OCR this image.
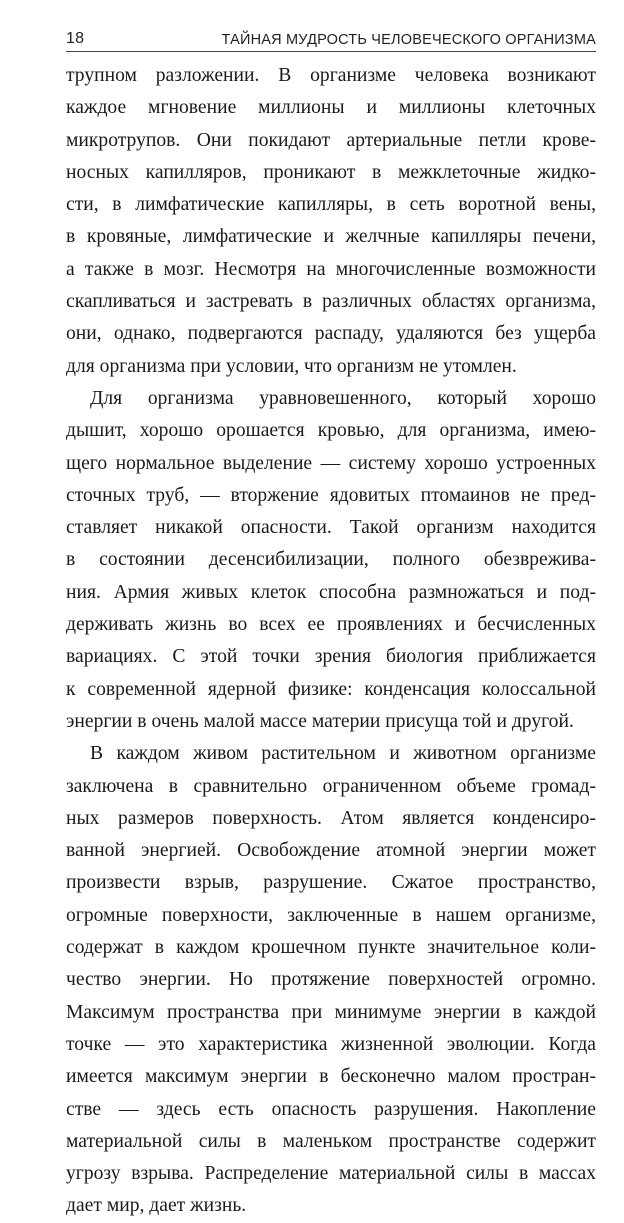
18	ТАЙНАЯ МУДРОСТЬ ЧЕЛОВЕЧЕСКОГО ОРГАНИЗМА
трупном разложении. В организме человека возникают
каждое мгновение миллионы и миллионы клеточных
микротрупов. Они покидают артериальные петли крове-
носных капилляров, проникают в межклеточные жидко-
сти, в лимфатические капилляры, в сеть воротной вены,
в кровяные, лимфатические и желчные капилляры печени,
а также в мозг. Несмотря на многочисленные возможности
скапливаться и застревать в различных областях организма,
они, однако, подвергаются распаду, удаляются без ущерба
для организма при условии, что организм не утомлен.
Для организма уравновешенного, который хорошо
дышит, хорошо орошается кровью, для организма, имею-
щего нормальное выделение — систему хорошо устроенных
сточных труб, — вторжение ядовитых птомаинов не пред-
ставляет никакой опасности. Такой организм находится
в состоянии десенсибилизации, полного обезврежива-
ния. Армия живых клеток способна размножаться и под-
держивать жизнь во всех ее проявлениях и бесчисленных
вариациях. С этой точки зрения биология приближается
к современной ядерной физике: конденсация колоссальной
энергии в очень малой массе материи присуща той и другой.
В каждом живом растительном и животном организме
заключена в сравнительно ограниченном объеме громад-
ных размеров поверхность. Атом является конденсиро-
ванной энергией. Освобождение атомной энергии может
произвести взрыв, разрушение. Сжатое пространство,
огромные поверхности, заключенные в нашем организме,
содержат в каждом крошечном пункте значительное коли-
чество энергии. Но протяжение поверхностей огромно.
Максимум пространства при минимуме энергии в каждой
точке — это характеристика жизненной эволюции. Когда
имеется максимум энергии в бесконечно малом простран-
стве — здесь есть опасность разрушения. Накопление
материальной силы в маленьком пространстве содержит
угрозу взрыва. Распределение материальной силы в массах
дает мир, дает жизнь.
